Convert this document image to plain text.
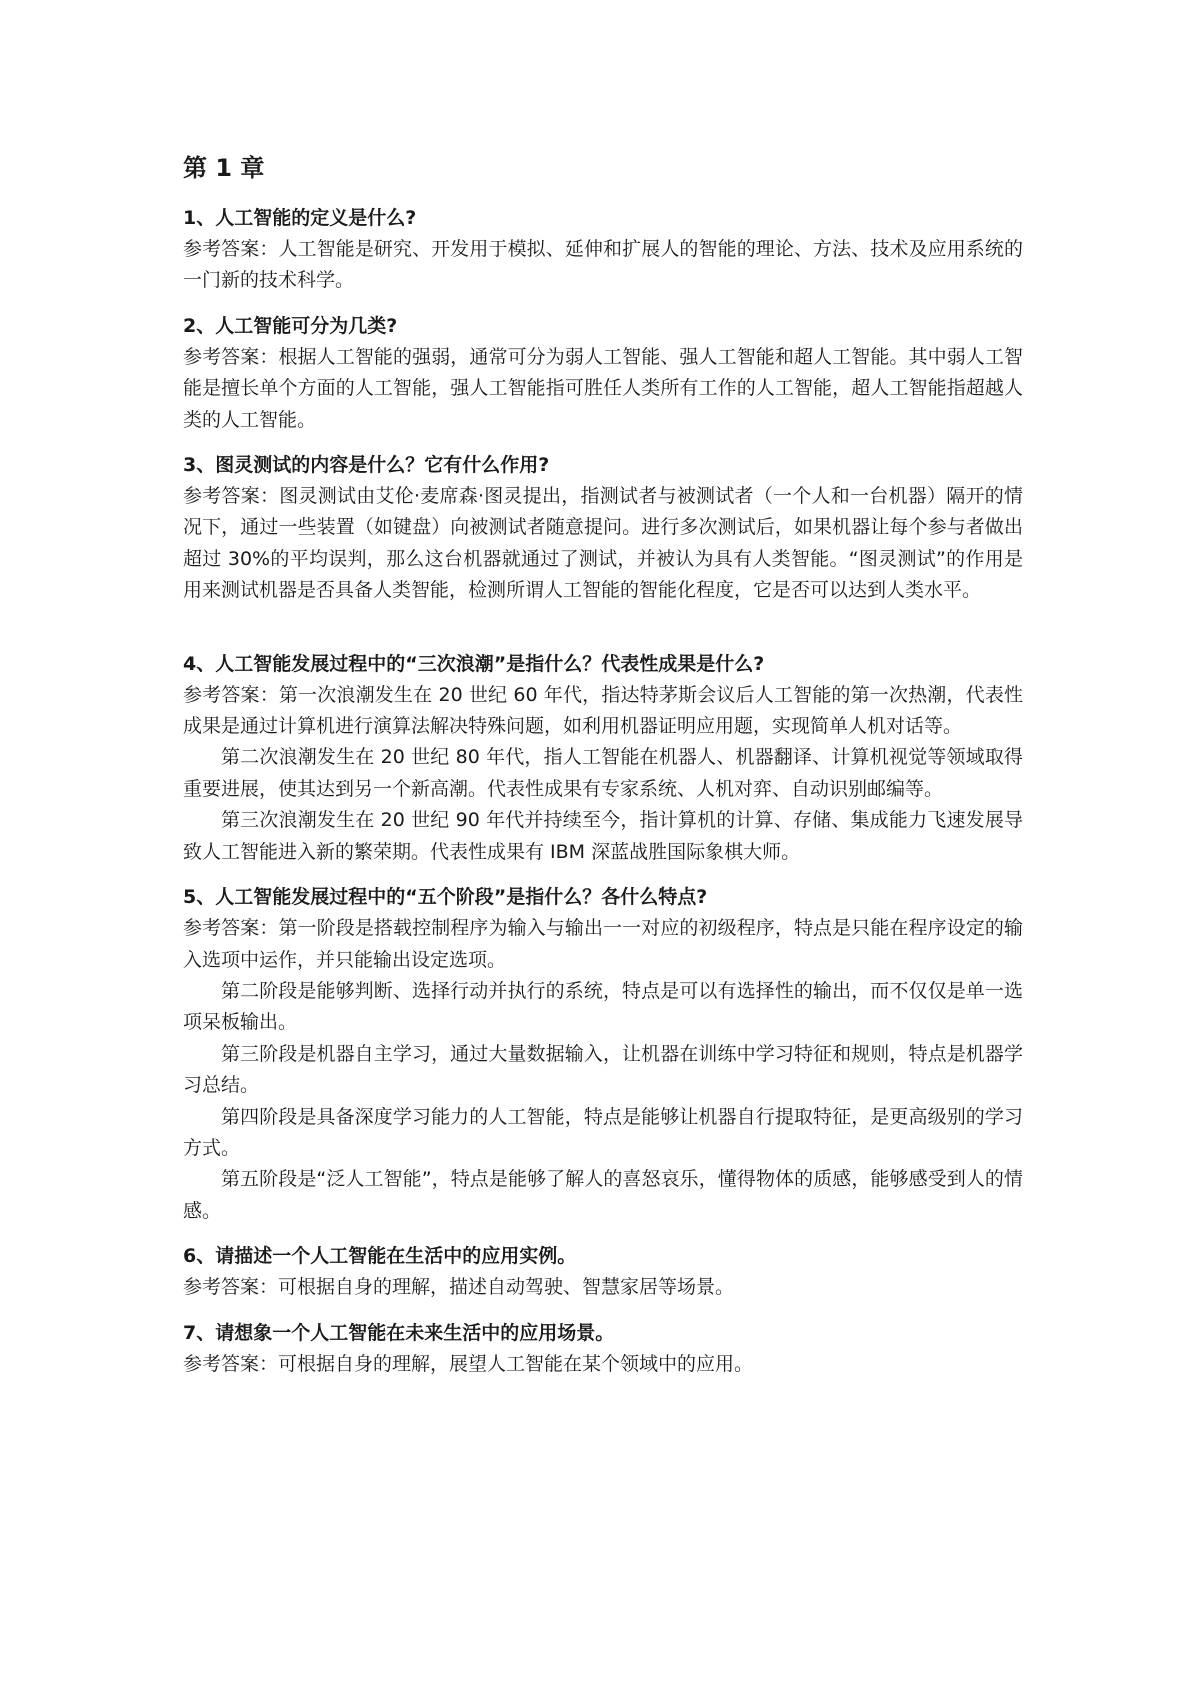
第 1 章

1、人工智能的定义是什么?

参考答案：人工智能是研究、开发用于模拟、延伸和扩展人的智能的理论、方法、技术及应用系统的一门新的技术科学。

2、人工智能可分为几类?

参考答案：根据人工智能的强弱，通常可分为弱人工智能、强人工智能和超人工智能。其中弱人工智能是擅长单个方面的人工智能，强人工智能指可胜任人类所有工作的人工智能，超人工智能指超越人类的人工智能。

3、图灵测试的内容是什么？它有什么作用?

参考答案：图灵测试由艾伦·麦席森·图灵提出，指测试者与被测试者（一个人和一台机器）隔开的情况下，通过一些装置（如键盘）向被测试者随意提问。进行多次测试后，如果机器让每个参与者做出超过 30%的平均误判，那么这台机器就通过了测试，并被认为具有人类智能。“图灵测试”的作用是用来测试机器是否具备人类智能，检测所谓人工智能的智能化程度，它是否可以达到人类水平。

4、人工智能发展过程中的“三次浪潮”是指什么？代表性成果是什么?

参考答案：第一次浪潮发生在 20 世纪 60 年代，指达特茅斯会议后人工智能的第一次热潮，代表性成果是通过计算机进行演算法解决特殊问题，如利用机器证明应用题，实现简单人机对话等。

第二次浪潮发生在 20 世纪 80 年代，指人工智能在机器人、机器翻译、计算机视觉等领域取得重要进展，使其达到另一个新高潮。代表性成果有专家系统、人机对弈、自动识别邮编等。

第三次浪潮发生在 20 世纪 90 年代并持续至今，指计算机的计算、存储、集成能力飞速发展导致人工智能进入新的繁荣期。代表性成果有 IBM 深蓝战胜国际象棋大师。

5、人工智能发展过程中的“五个阶段”是指什么？各什么特点?

参考答案：第一阶段是搭载控制程序为输入与输出一一对应的初级程序，特点是只能在程序设定的输入选项中运作，并只能输出设定选项。

第二阶段是能够判断、选择行动并执行的系统，特点是可以有选择性的输出，而不仅仅是单一选项呆板输出。

第三阶段是机器自主学习，通过大量数据输入，让机器在训练中学习特征和规则，特点是机器学习总结。

第四阶段是具备深度学习能力的人工智能，特点是能够让机器自行提取特征，是更高级别的学习方式。

第五阶段是“泛人工智能”，特点是能够了解人的喜怒哀乐，懂得物体的质感，能够感受到人的情感。

6、请描述一个人工智能在生活中的应用实例。

参考答案：可根据自身的理解，描述自动驾驶、智慧家居等场景。

7、请想象一个人工智能在未来生活中的应用场景。

参考答案：可根据自身的理解，展望人工智能在某个领域中的应用。
